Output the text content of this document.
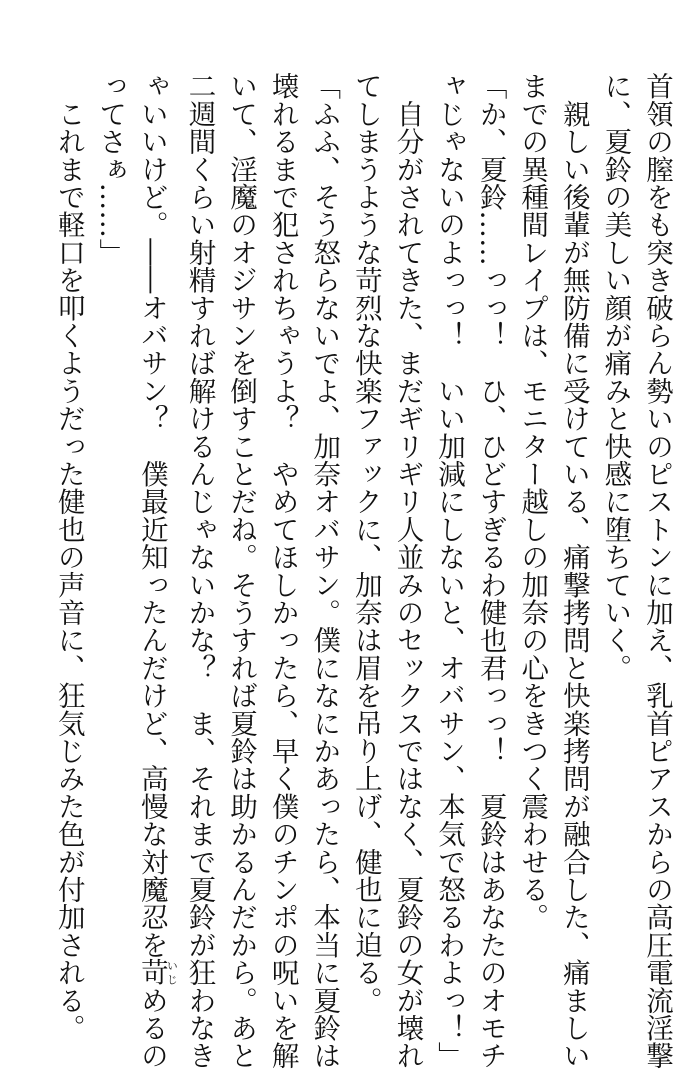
首領の膣をも突き破らん勢いのピストンに加え、乳首ピアスからの高圧電流淫撃
に、夏鈴の美しい顔が痛みと快感に堕ちていく。
　親しい後輩が無防備に受けている、痛撃拷問と快楽拷問が融合した、痛ましい
までの異種間レイプは、モニター越しの加奈の心をきつく震わせる。
「か、夏鈴……っっ！　ひ、ひどすぎるわ健也君っっ！　夏鈴はあなたのオモチ
ャじゃないのよっっ！　いい加減にしないと、オバサン、本気で怒るわよっ！」
　自分がされてきた、まだギリギリ人並みのセックスではなく、夏鈴の女が壊れ
てしまうような苛烈な快楽ファックに、加奈は眉を吊り上げ、健也に迫る。
「ふふ、そう怒らないでよ、加奈オバサン。僕になにかあったら、本当に夏鈴は
壊れるまで犯されちゃうよ？　やめてほしかったら、早く僕のチンポの呪いを解
いて、淫魔のオジサンを倒すことだね。そうすれば夏鈴は助かるんだから。あと
二週間くらい射精すれば解けるんじゃないかな？　ま、それまで夏鈴が狂わなき
ゃいいけど。――オバサン？　僕最近知ったんだけど、高慢な対魔忍を苛いじめるの
ってさぁ……」
　これまで軽口を叩くようだった健也の声音に、狂気じみた色が付加される。
